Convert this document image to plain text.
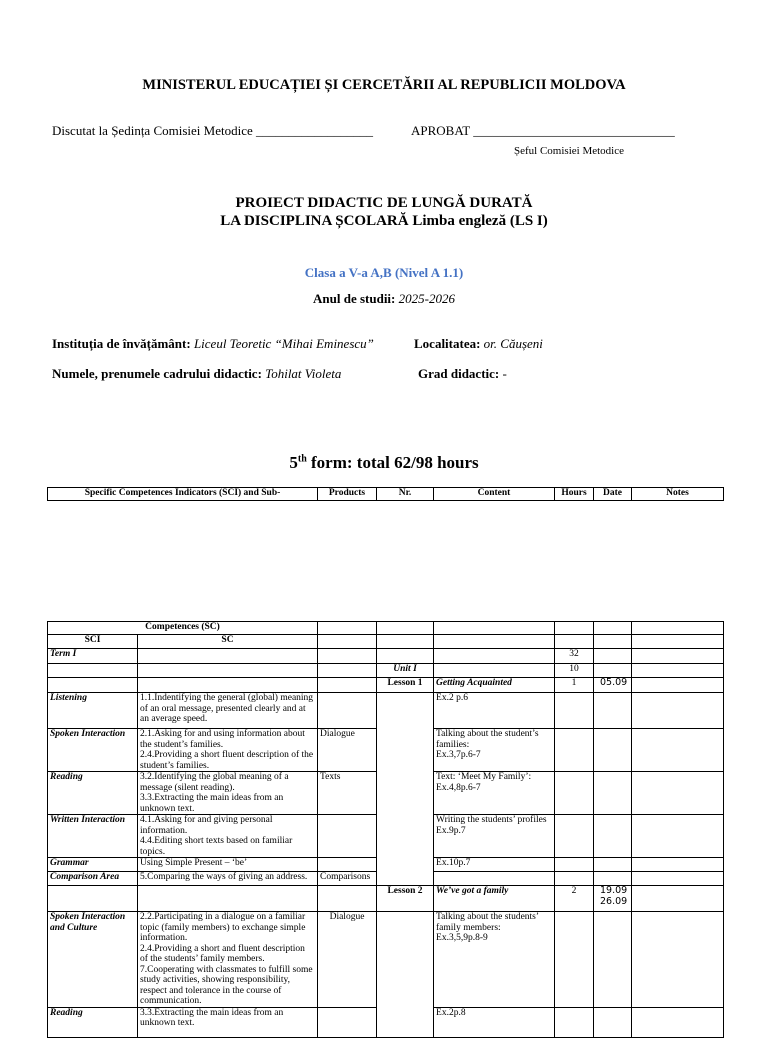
MINISTERUL EDUCAȚIEI ȘI CERCETĂRII AL REPUBLICII MOLDOVA
Discutat la Ședința Comisiei Metodice __________________	APROBAT _______________________________
Șeful Comisiei Metodice
PROIECT DIDACTIC DE LUNGĂ DURATĂ
LA DISCIPLINA ȘCOLARĂ Limba engleză (LS I)
Clasa a V-a A,B (Nivel A 1.1)
Anul de studii: 2025-2026
Instituția de învățământ: Liceul Teoretic “Mihai Eminescu”	Localitatea: or. Căușeni
Numele, prenumele cadrului didactic: Tohilat Violeta	Grad didactic: -
5th form: total 62/98 hours
Specific Competences Indicators (SCI) and Sub-	Products	Nr.	Content	Hours	Date	Notes
Competences (SC)							
SCI	SC						
Term I					32		
			Unit I		10		
			Lesson 1	Getting Acquainted	1	05.09	
Listening	1.1.Indentifying the general (global) meaning of an oral message, presented clearly and at an average speed.			Ex.2 p.6			
Spoken Interaction	2.1.Asking for and using information about the student’s families.
2.4.Providing a short fluent description of the student’s families.	Dialogue		Talking about the student’s families:
Ex.3,7p.6-7			
Reading	3.2.Identifying the global meaning of a message (silent reading).
3.3.Extracting the main ideas from an unknown text.	Texts		Text: ‘Meet My Family’:
Ex.4,8p.6-7			
Written Interaction	4.1.Asking for and giving personal information.
4.4.Editing short texts based on familiar topics.			Writing the students’ profiles
Ex.9p.7			
Grammar	Using Simple Present – ‘be’			Ex.10p.7			
Comparison Area	5.Comparing the ways of giving an address.	Comparisons					
			Lesson 2	We’ve got a family	2	19.09
26.09	

Spoken Interaction and Culture	2.2.Participating in a dialogue on a familiar topic (family members) to exchange simple information.
2.4.Providing a short and fluent description of the students’ family members.
7.Cooperating with classmates to fulfill some study activities, showing responsibility, respect and tolerance in the course of communication.	Dialogue		Talking about the students’ family members:
Ex.3,5,9p.8-9			
Reading	3.3.Extracting the main ideas from an unknown text.			Ex.2p.8			
